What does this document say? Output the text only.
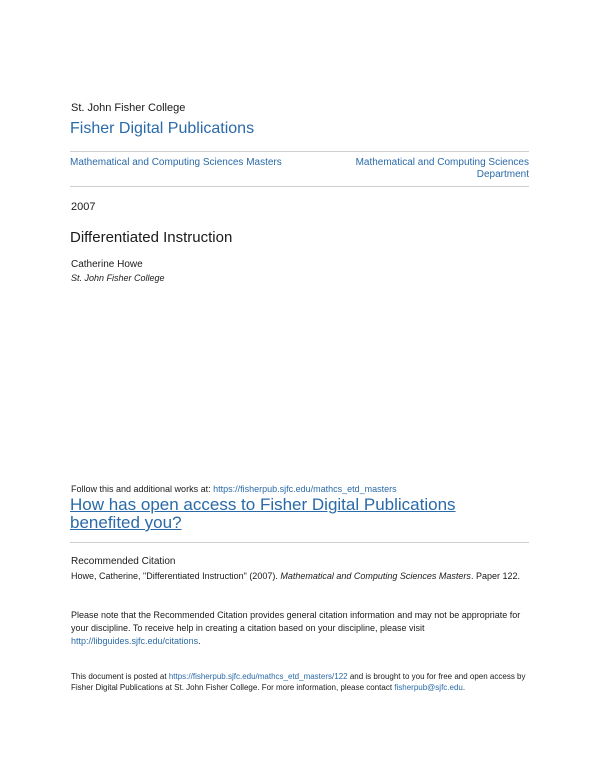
St. John Fisher College
Fisher Digital Publications
Mathematical and Computing Sciences Masters	Mathematical and Computing Sciences Department
2007
Differentiated Instruction
Catherine Howe
St. John Fisher College
Follow this and additional works at: https://fisherpub.sjfc.edu/mathcs_etd_masters
How has open access to Fisher Digital Publications benefited you?
Recommended Citation
Howe, Catherine, "Differentiated Instruction" (2007). Mathematical and Computing Sciences Masters. Paper 122.
Please note that the Recommended Citation provides general citation information and may not be appropriate for your discipline. To receive help in creating a citation based on your discipline, please visit http://libguides.sjfc.edu/citations.
This document is posted at https://fisherpub.sjfc.edu/mathcs_etd_masters/122 and is brought to you for free and open access by Fisher Digital Publications at St. John Fisher College. For more information, please contact fisherpub@sjfc.edu.
